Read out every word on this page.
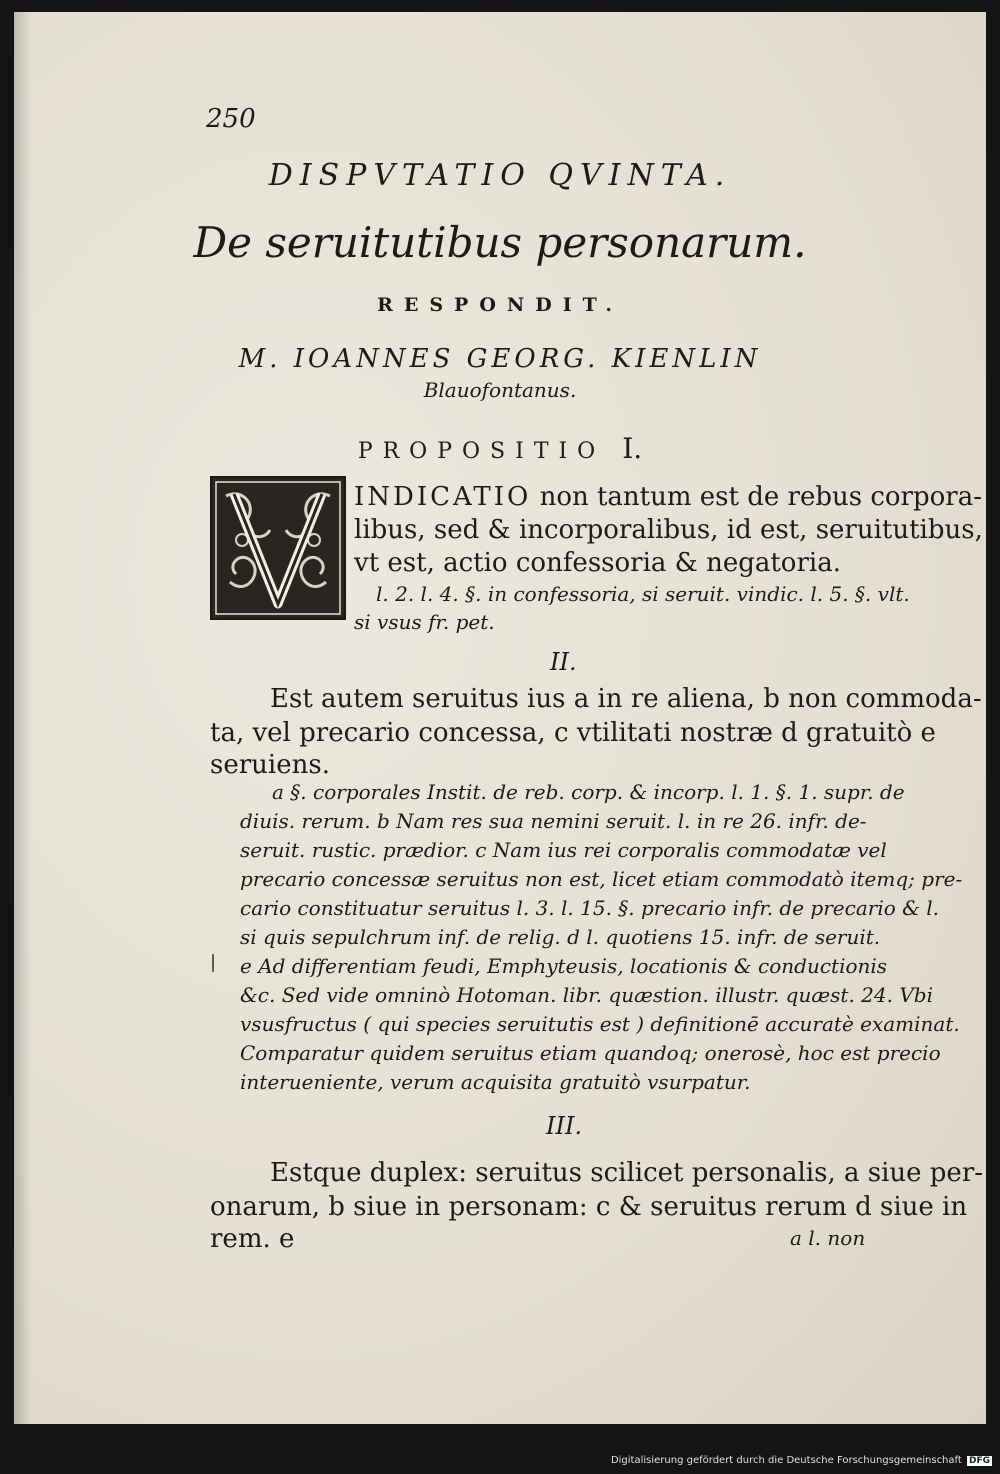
250
DISPVTATIO QVINTA.
De seruitutibus personarum.
RESPONDIT.
M. IOANNES GEORG. KIENLIN
Blauofontanus.
PROPOSITIO I.
INDICATIO non tantum est de rebus corpora-
libus, sed & incorporalibus, id est, seruitutibus,
vt est, actio confessoria & negatoria.
l. 2. l. 4. §. in confessoria, si seruit. vindic. l. 5. §. vlt.
si vsus fr. pet.
II.
Est autem seruitus ius a in re aliena, b non commoda-
ta, vel precario concessa, c vtilitati nostræ d gratuitò e
seruiens.
a §. corporales Instit. de reb. corp. & incorp. l. 1. §. 1. supr. de
diuis. rerum. b Nam res sua nemini seruit. l. in re 26. infr. de-
seruit. rustic. prædior. c Nam ius rei corporalis commodatæ vel
precario concessæ seruitus non est, licet etiam commodatò itemq; pre-
cario constituatur seruitus l. 3. l. 15. §. precario infr. de precario & l.
si quis sepulchrum inf. de relig. d l. quotiens 15. infr. de seruit.
| e Ad differentiam feudi, Emphyteusis, locationis & conductionis
&c. Sed vide omninò Hotoman. libr. quæstion. illustr. quæst. 24. Vbi
vsusfructus ( qui species seruitutis est ) definitionē accuratè examinat.
Comparatur quidem seruitus etiam quandoq; onerosè, hoc est precio
interueniente, verum acquisita gratuitò vsurpatur.
III.
Estque duplex: seruitus scilicet personalis, a siue per-
onarum, b siue in personam: c & seruitus rerum d siue in
rem. e	a l. non
Digitalisierung gefördert durch die Deutsche Forschungsgemeinschaft DFG
